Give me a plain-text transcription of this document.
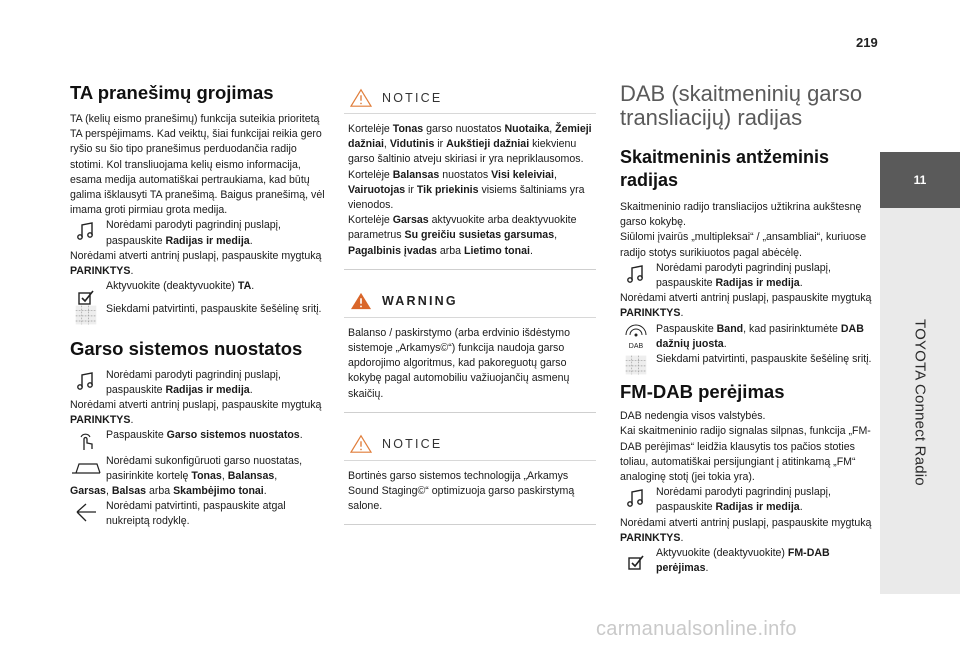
219
11
TOYOTA Connect Radio
TA pranešimų grojimas

TA (kelių eismo pranešimų) funkcija suteikia prioritetą TA perspėjimams. Kad veiktų, šiai funkcijai reikia gero ryšio su šio tipo pranešimus perduodančia radijo stotimi. Kol transliuojama kelių eismo informacija, esama medija automatiškai pertraukiama, kad būtų galima išklausyti TA pranešimą. Baigus pranešimą, vėl imama groti pirmiau grota medija.

Norėdami parodyti pagrindinį puslapį, paspauskite Radijas ir medija.

Norėdami atverti antrinį puslapį, paspauskite mygtuką PARINKTYS.

Aktyvuokite (deaktyvuokite) TA.

Siekdami patvirtinti, paspauskite šešėlinę sritį.

Garso sistemos nuostatos

Norėdami parodyti pagrindinį puslapį, paspauskite Radijas ir medija.

Norėdami atverti antrinį puslapį, paspauskite mygtuką PARINKTYS.

Paspauskite Garso sistemos nuostatos.

Norėdami sukonfigūruoti garso nuostatas, pasirinkite kortelę Tonas, Balansas,

Garsas, Balsas arba Skambėjimo tonai.

Norėdami patvirtinti, paspauskite atgal nukreiptą rodyklę.

NOTICE

Kortelėje Tonas garso nuostatos Nuotaika, Žemieji dažniai, Vidutinis ir Aukštieji dažniai kiekvienu garso šaltinio atveju skiriasi ir yra nepriklausomos.

Kortelėje Balansas nuostatos Visi keleiviai, Vairuotojas ir Tik priekinis visiems šaltiniams yra vienodos.

Kortelėje Garsas aktyvuokite arba deaktyvuokite parametrus Su greičiu susietas garsumas, Pagalbinis įvadas arba Lietimo tonai.

WARNING

Balanso / paskirstymo (arba erdvinio išdėstymo sistemoje „Arkamys©“) funkcija naudoja garso apdorojimo algoritmus, kad pakoreguotų garso kokybę pagal automobiliu važiuojančių asmenų skaičių.

NOTICE

Bortinės garso sistemos technologija „Arkamys Sound Staging©“ optimizuoja garso paskirstymą salone.

DAB (skaitmeninių garso transliacijų) radijas
Skaitmeninis antžeminis radijas

Skaitmeninio radijo transliacijos užtikrina aukštesnę garso kokybę.

Siūlomi įvairūs „multipleksai“ / „ansambliai“, kuriuose radijo stotys surikiuotos pagal abėcėlę.

Norėdami parodyti pagrindinį puslapį, paspauskite Radijas ir medija.

Norėdami atverti antrinį puslapį, paspauskite mygtuką PARINKTYS.

DAB

Paspauskite Band, kad pasirinktumėte DAB dažnių juosta.

Siekdami patvirtinti, paspauskite šešėlinę sritį.

FM-DAB perėjimas

DAB nedengia visos valstybės.

Kai skaitmeninio radijo signalas silpnas, funkcija „FM-DAB perėjimas“ leidžia klausytis tos pačios stoties toliau, automatiškai persijungiant į atitinkamą „FM“ analoginę stotį (jei tokia yra).

Norėdami parodyti pagrindinį puslapį, paspauskite Radijas ir medija.

Norėdami atverti antrinį puslapį, paspauskite mygtuką PARINKTYS.

Aktyvuokite (deaktyvuokite) FM-DAB perėjimas.

carmanualsonline.info
